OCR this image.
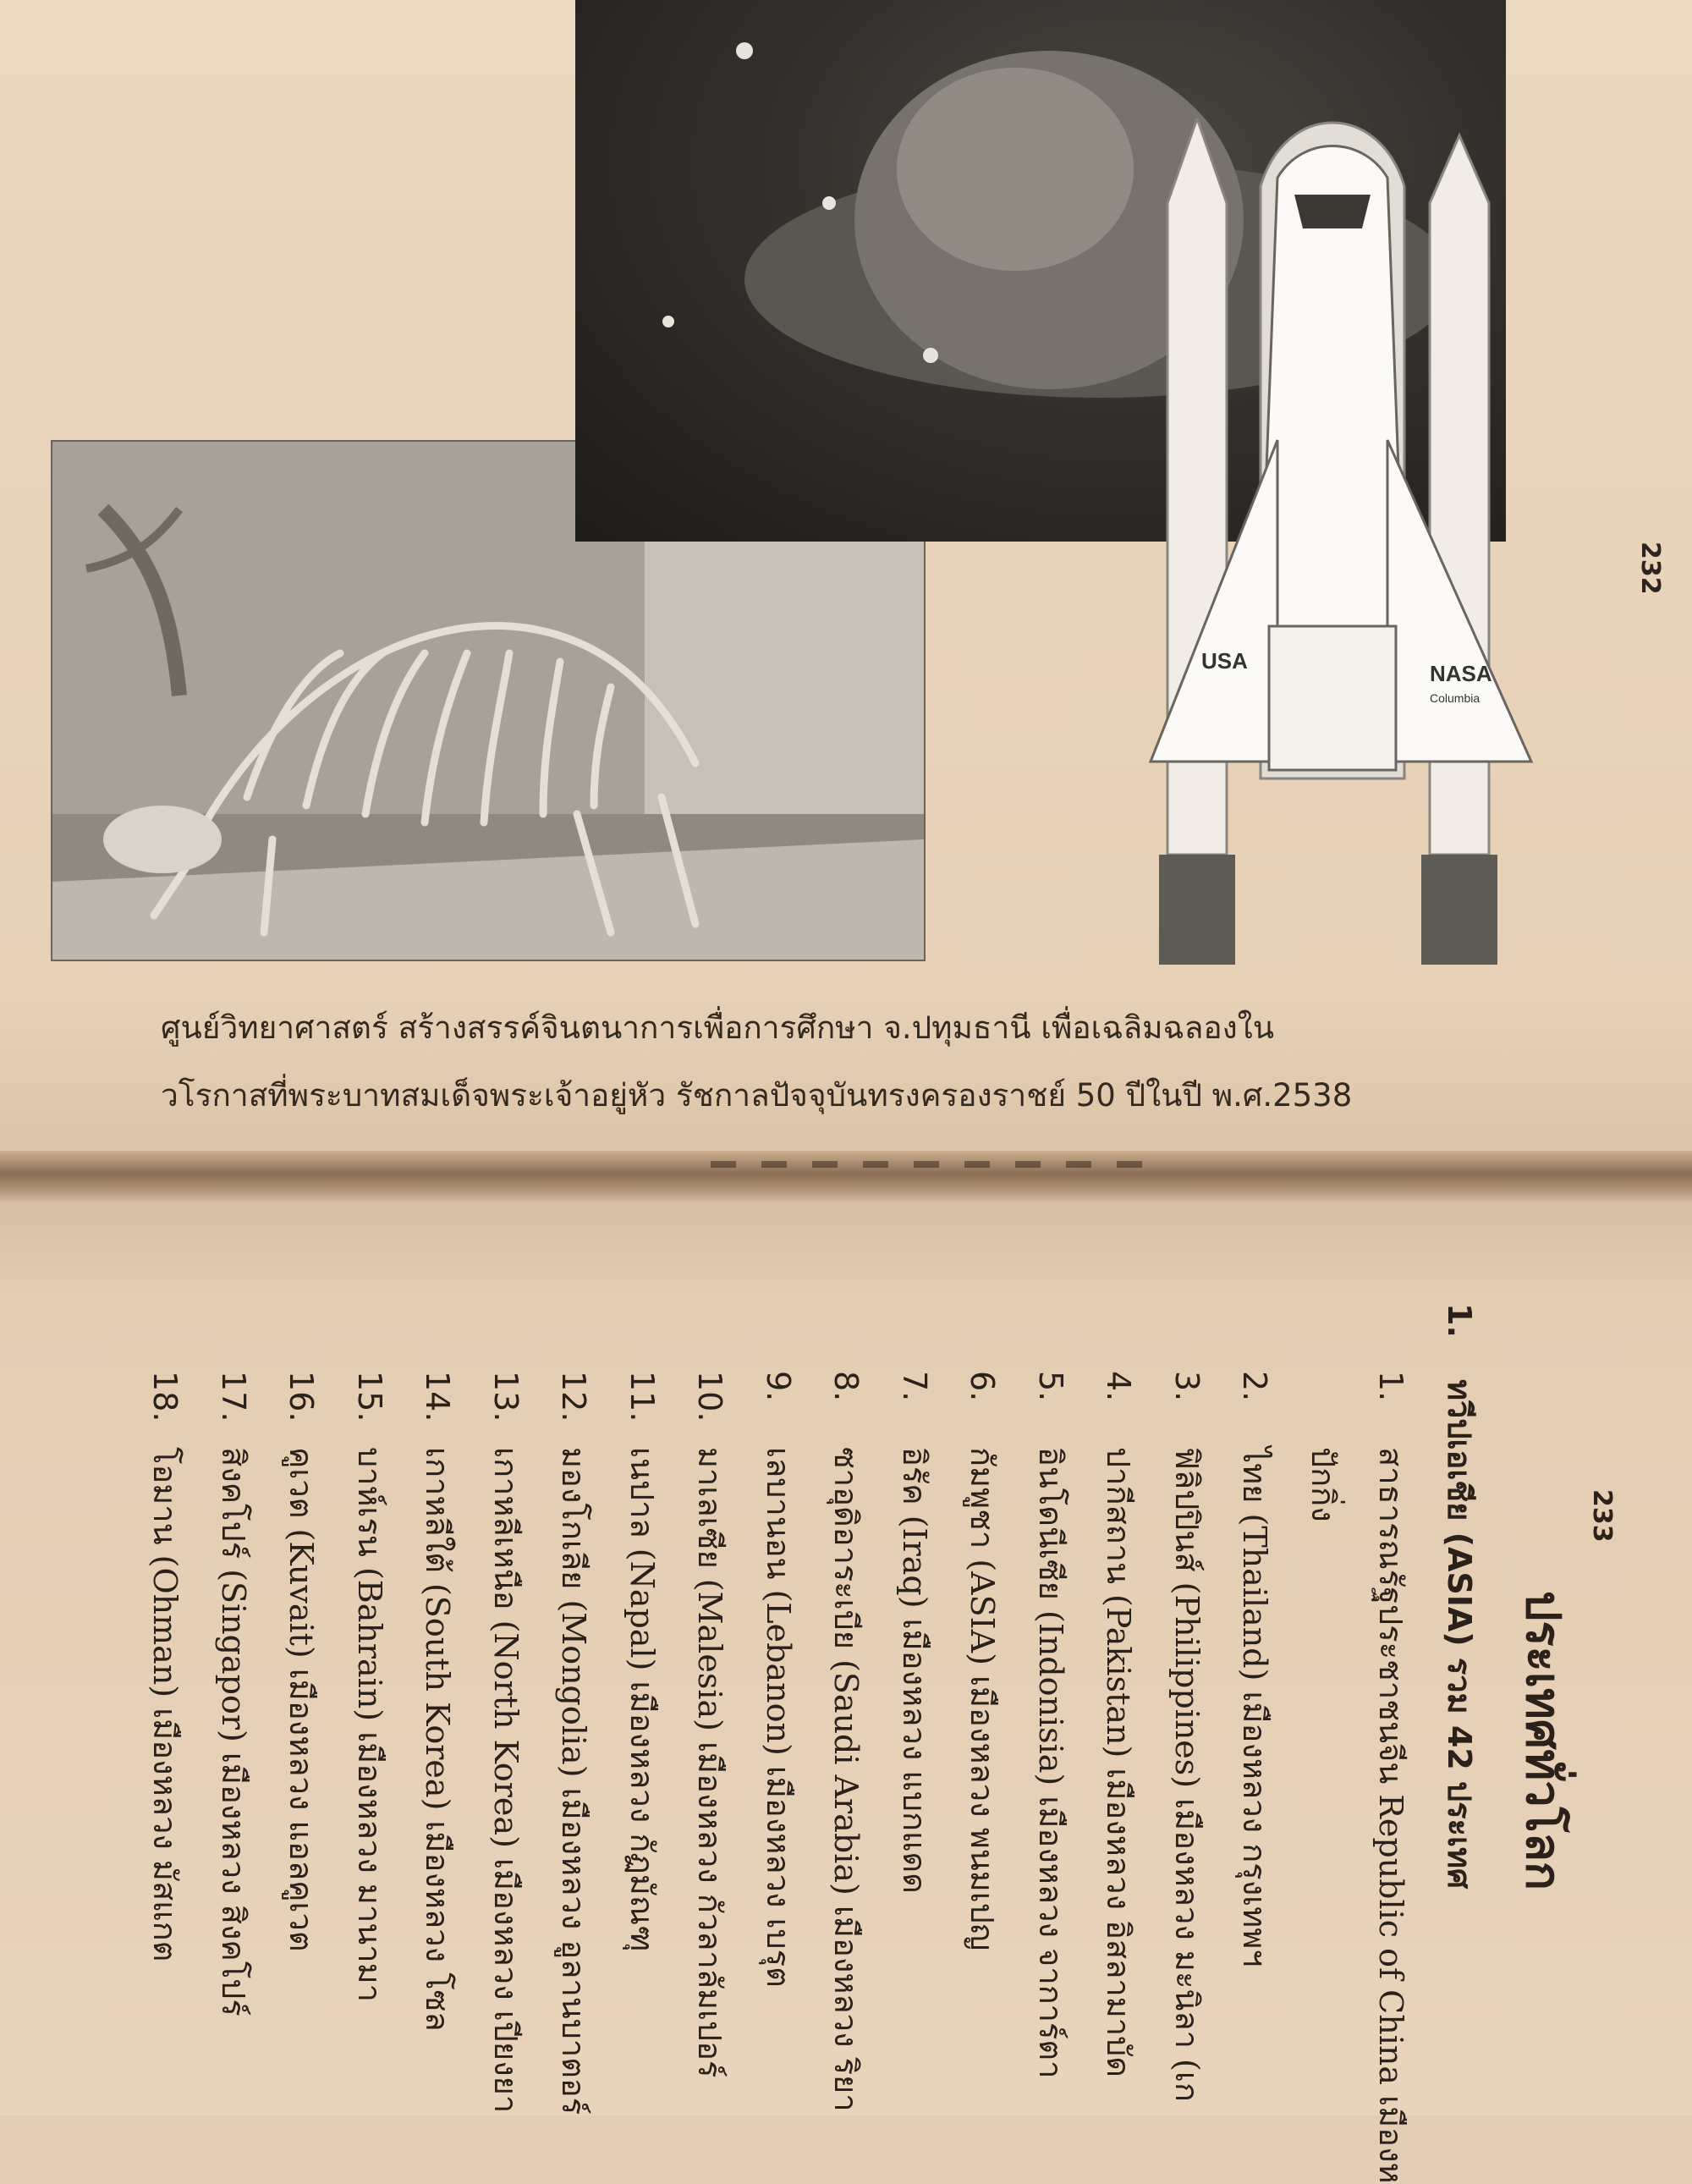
USA	NASA
Columbia
232
ศูนย์วิทยาศาสตร์ สร้างสรรค์จินตนาการเพื่อการศึกษา จ.ปทุมธานี เพื่อเฉลิมฉลองใน
วโรกาสที่พระบาทสมเด็จพระเจ้าอยู่หัว รัชกาลปัจจุบันทรงครองราชย์ 50 ปีในปี พ.ศ.2538
233
ประเทศทั่วโลก
1.ทวีปเอเชีย (ASIA) รวม 42 ประเทศ
1.สาธารณรัฐประชาชนจีน Republic of China เมืองห
ปักกิ่ง
2.ไทย (Thailand) เมืองหลวง กรุงเทพฯ
3.ฟิลิปปินส์ (Philippines) เมืองหลวง มะนิลา (เก
4.ปากีสถาน (Pakistan) เมืองหลวง อิสลามาบัด
5.อินโดนีเซีย (Indonisia) เมืองหลวง จาการ์ตา
6.กัมพูชา (ASIA) เมืองหลวง พนมเปญ
7.อิรัค (Iraq) เมืองหลวง แบกแดด
8.ซาอุดิอาระเบีย (Saudi Arabia) เมืองหลวง ริยา
9.เลบานอน (Lebanon) เมืองหลวง เบรุต
10.มาเลเซีย (Malesia) เมืองหลวง กัวลาลัมเปอร์
11.เนปาล (Napal) เมืองหลวง กัฏมัณฑุ
12.มองโกเลีย (Mongolia) เมืองหลวง อูลานบาตอร์
13.เกาหลีเหนือ (North Korea) เมืองหลวง เปียงยา
14.เกาหลีใต้ (South Korea) เมืองหลวง โซล
15.บาห์เรน (Bahrain) เมืองหลวง มานามา
16.คูเวต (Kuvait) เมืองหลวง แอลคูเวต
17.สิงคโปร์ (Singapor) เมืองหลวง สิงคโปร์
18.โอมาน (Ohman) เมืองหลวง มัสแกต
